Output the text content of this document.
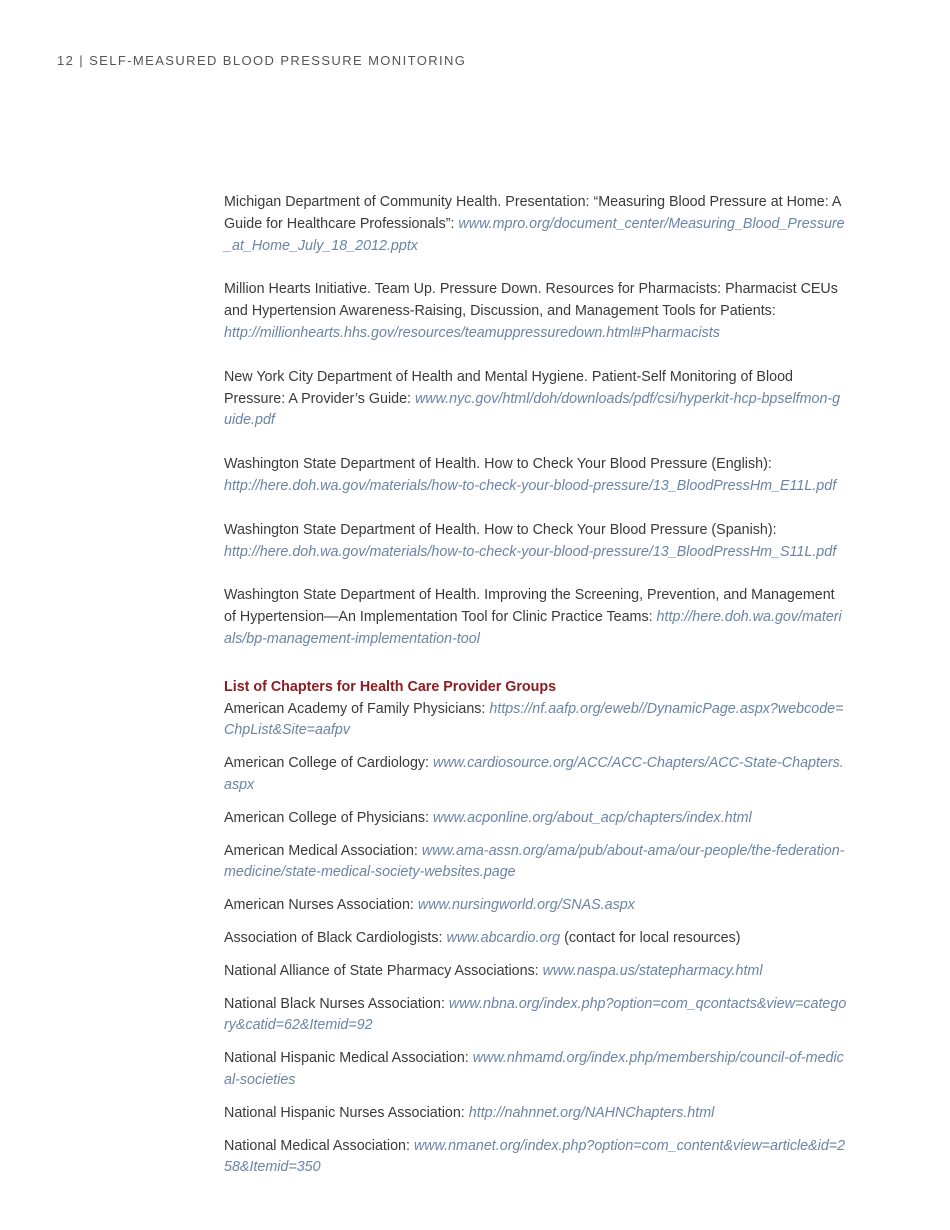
12 | SELF-MEASURED BLOOD PRESSURE MONITORING

Michigan Department of Community Health. Presentation: “Measuring Blood Pressure at Home: A Guide for Healthcare Professionals”: www.mpro.org/document_center/Measuring_Blood_Pressure_at_Home_July_18_2012.pptx

Million Hearts Initiative. Team Up. Pressure Down. Resources for Pharmacists: Pharmacist CEUs and Hypertension Awareness-Raising, Discussion, and Management Tools for Patients:
http://millionhearts.hhs.gov/resources/teamuppressuredown.html#Pharmacists

New York City Department of Health and Mental Hygiene. Patient-Self Monitoring of Blood Pressure: A Provider’s Guide: www.nyc.gov/html/doh/downloads/pdf/csi/hyperkit-hcp-bpselfmon-guide.pdf

Washington State Department of Health. How to Check Your Blood Pressure (English):
http://here.doh.wa.gov/materials/how-to-check-your-blood-pressure/13_BloodPressHm_E11L.pdf

Washington State Department of Health. How to Check Your Blood Pressure (Spanish):
http://here.doh.wa.gov/materials/how-to-check-your-blood-pressure/13_BloodPressHm_S11L.pdf

Washington State Department of Health. Improving the Screening, Prevention, and Management of Hypertension—An Implementation Tool for Clinic Practice Teams: http://here.doh.wa.gov/materials/bp-management-implementation-tool

List of Chapters for Health Care Provider Groups

American Academy of Family Physicians: https://nf.aafp.org/eweb//DynamicPage.aspx?webcode=ChpList&Site=aafpv

American College of Cardiology: www.cardiosource.org/ACC/ACC-Chapters/ACC-State-Chapters.aspx

American College of Physicians: www.acponline.org/about_acp/chapters/index.html

American Medical Association: www.ama-assn.org/ama/pub/about-ama/our-people/the-federation-medicine/state-medical-society-websites.page

American Nurses Association: www.nursingworld.org/SNAS.aspx

Association of Black Cardiologists: www.abcardio.org (contact for local resources)

National Alliance of State Pharmacy Associations: www.naspa.us/statepharmacy.html

National Black Nurses Association: www.nbna.org/index.php?option=com_qcontacts&view=category&catid=62&Itemid=92

National Hispanic Medical Association: www.nhmamd.org/index.php/membership/council-of-medical-societies

National Hispanic Nurses Association: http://nahnnet.org/NAHNChapters.html

National Medical Association: www.nmanet.org/index.php?option=com_content&view=article&id=258&Itemid=350
